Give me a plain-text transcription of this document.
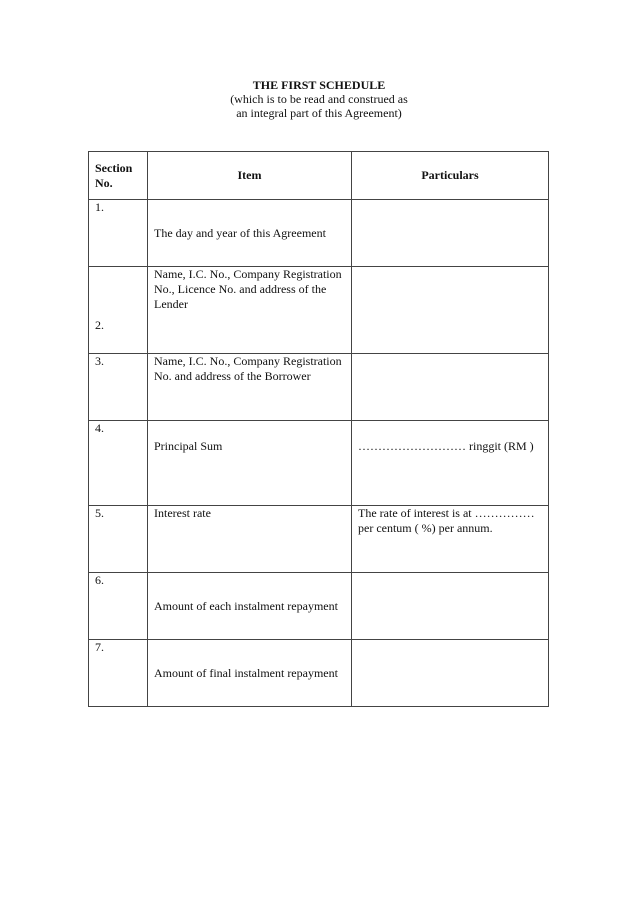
THE FIRST SCHEDULE
(which is to be read and construed as
an integral part of this Agreement)
Section No.	Item	Particulars
1.	The day and year of this Agreement	
2.	Name, I.C. No., Company Registration No., Licence No. and address of the Lender	
3.	Name, I.C. No., Company Registration No. and address of the Borrower	
4.	Principal Sum	……………………… ringgit (RM )
5.	Interest rate	The rate of interest is at …………… per centum ( %) per annum.
6.	Amount of each instalment repayment	
7.	Amount of final instalment repayment	
